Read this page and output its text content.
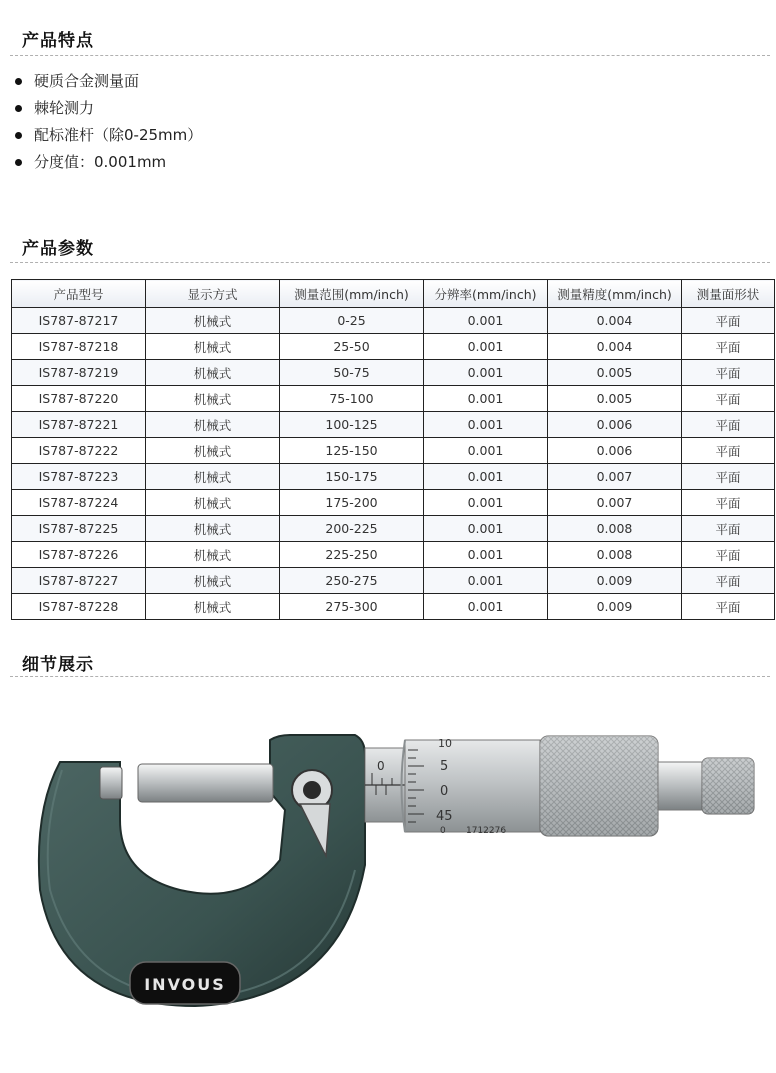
产品特点
硬质合金测量面
棘轮测力
配标准杆（除0-25mm）
分度值：0.001mm
产品参数
产品型号	显示方式	测量范围(mm/inch)	分辨率(mm/inch)	测量精度(mm/inch)	测量面形状
IS787-87217	机械式	0-25	0.001	0.004	平面
IS787-87218	机械式	25-50	0.001	0.004	平面
IS787-87219	机械式	50-75	0.001	0.005	平面
IS787-87220	机械式	75-100	0.001	0.005	平面
IS787-87221	机械式	100-125	0.001	0.006	平面
IS787-87222	机械式	125-150	0.001	0.006	平面
IS787-87223	机械式	150-175	0.001	0.007	平面
IS787-87224	机械式	175-200	0.001	0.007	平面
IS787-87225	机械式	200-225	0.001	0.008	平面
IS787-87226	机械式	225-250	0.001	0.008	平面
IS787-87227	机械式	250-275	0.001	0.009	平面
IS787-87228	机械式	275-300	0.001	0.009	平面
细节展示
0
10
5
0
45
0 1712276
INVOUS
